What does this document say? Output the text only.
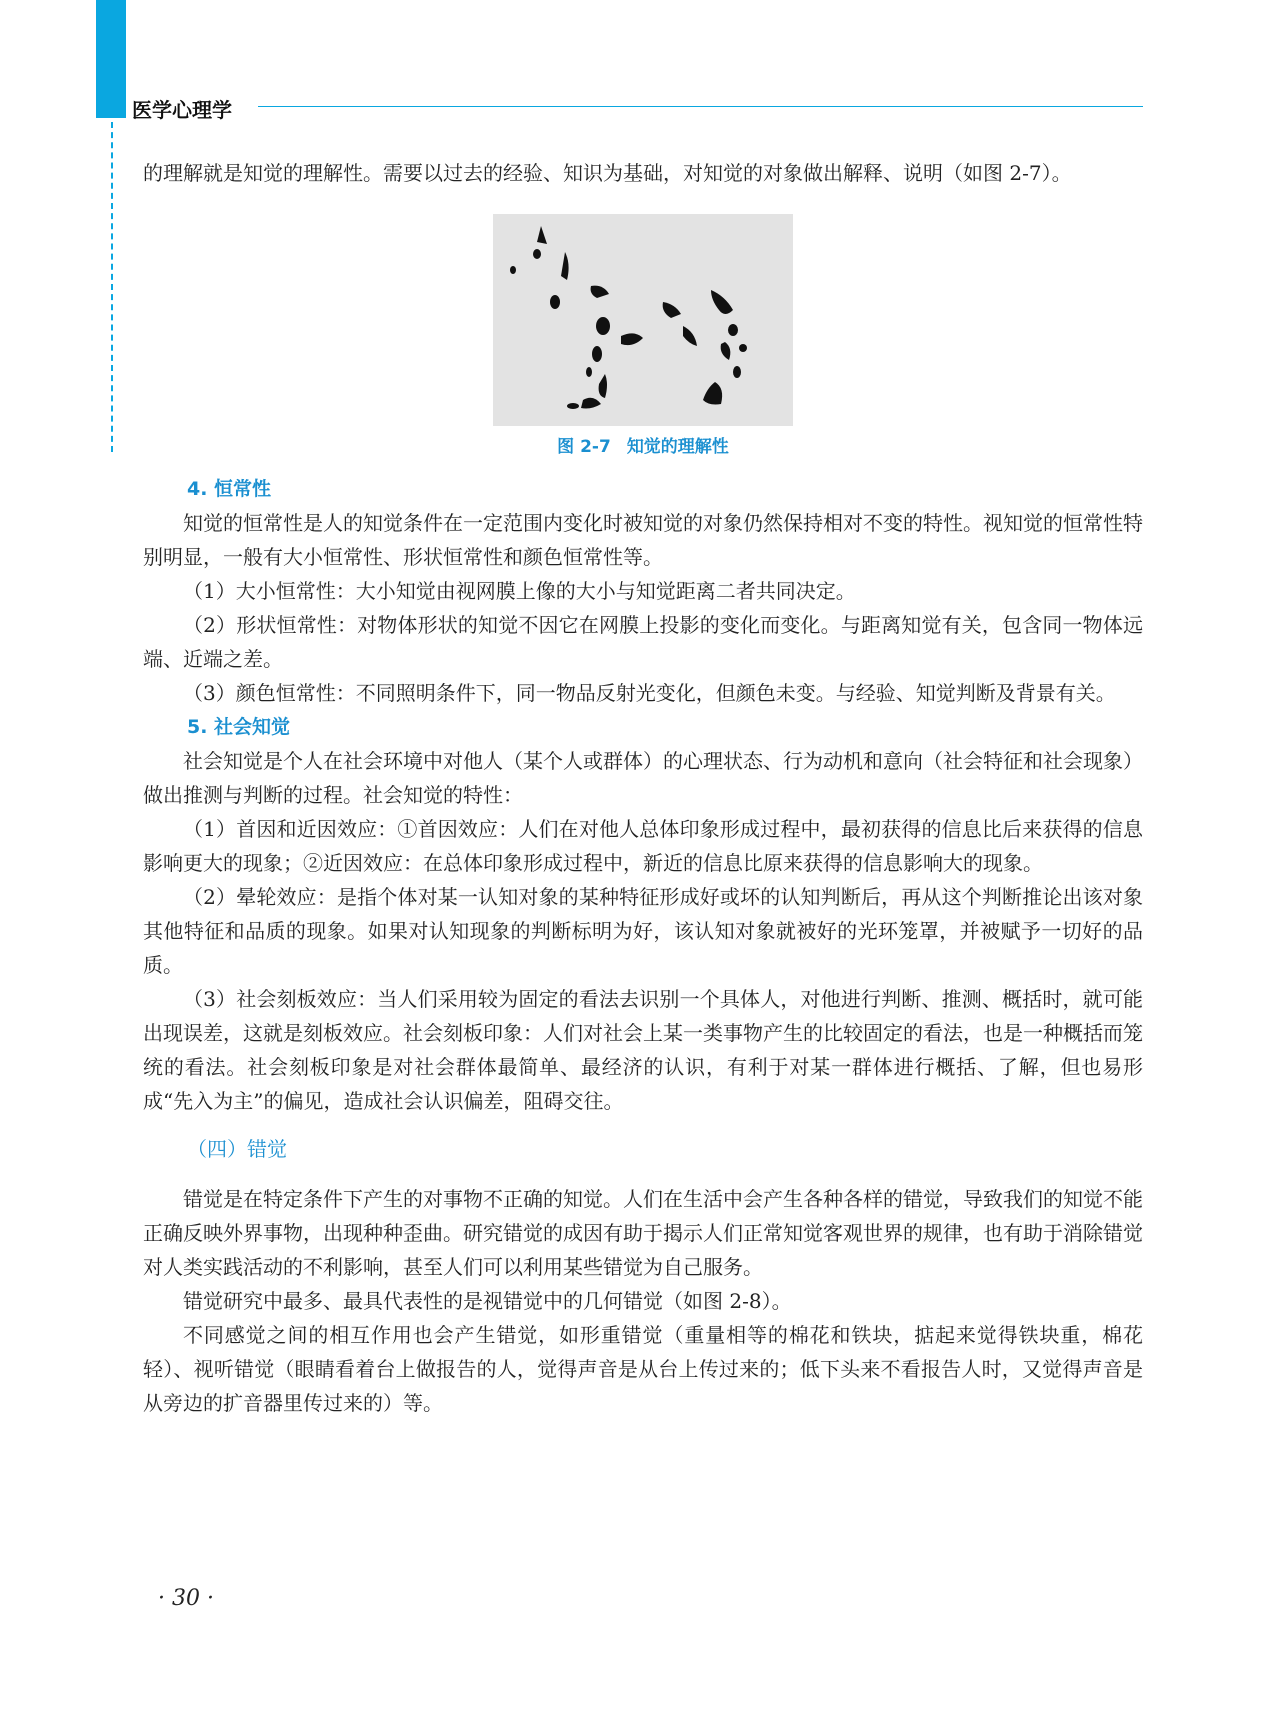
医学心理学

的理解就是知觉的理解性。需要以过去的经验、知识为基础，对知觉的对象做出解释、说明（如图 2-7）。

图 2-7 知觉的理解性
4. 恒常性

知觉的恒常性是人的知觉条件在一定范围内变化时被知觉的对象仍然保持相对不变的特性。视知觉的恒常性特别明显，一般有大小恒常性、形状恒常性和颜色恒常性等。

（1）大小恒常性：大小知觉由视网膜上像的大小与知觉距离二者共同决定。

（2）形状恒常性：对物体形状的知觉不因它在网膜上投影的变化而变化。与距离知觉有关，包含同一物体远端、近端之差。

（3）颜色恒常性：不同照明条件下，同一物品反射光变化，但颜色未变。与经验、知觉判断及背景有关。

5. 社会知觉

社会知觉是个人在社会环境中对他人（某个人或群体）的心理状态、行为动机和意向（社会特征和社会现象）做出推测与判断的过程。社会知觉的特性：

（1）首因和近因效应：①首因效应：人们在对他人总体印象形成过程中，最初获得的信息比后来获得的信息影响更大的现象；②近因效应：在总体印象形成过程中，新近的信息比原来获得的信息影响大的现象。

（2）晕轮效应：是指个体对某一认知对象的某种特征形成好或坏的认知判断后，再从这个判断推论出该对象其他特征和品质的现象。如果对认知现象的判断标明为好，该认知对象就被好的光环笼罩，并被赋予一切好的品质。

（3）社会刻板效应：当人们采用较为固定的看法去识别一个具体人，对他进行判断、推测、概括时，就可能出现误差，这就是刻板效应。社会刻板印象：人们对社会上某一类事物产生的比较固定的看法，也是一种概括而笼统的看法。社会刻板印象是对社会群体最简单、最经济的认识，有利于对某一群体进行概括、了解，但也易形成“先入为主”的偏见，造成社会认识偏差，阻碍交往。

（四）错觉

错觉是在特定条件下产生的对事物不正确的知觉。人们在生活中会产生各种各样的错觉，导致我们的知觉不能正确反映外界事物，出现种种歪曲。研究错觉的成因有助于揭示人们正常知觉客观世界的规律，也有助于消除错觉对人类实践活动的不利影响，甚至人们可以利用某些错觉为自己服务。

错觉研究中最多、最具代表性的是视错觉中的几何错觉（如图 2-8）。

不同感觉之间的相互作用也会产生错觉，如形重错觉（重量相等的棉花和铁块，掂起来觉得铁块重，棉花轻）、视听错觉（眼睛看着台上做报告的人，觉得声音是从台上传过来的；低下头来不看报告人时，又觉得声音是从旁边的扩音器里传过来的）等。

· 30 ·
